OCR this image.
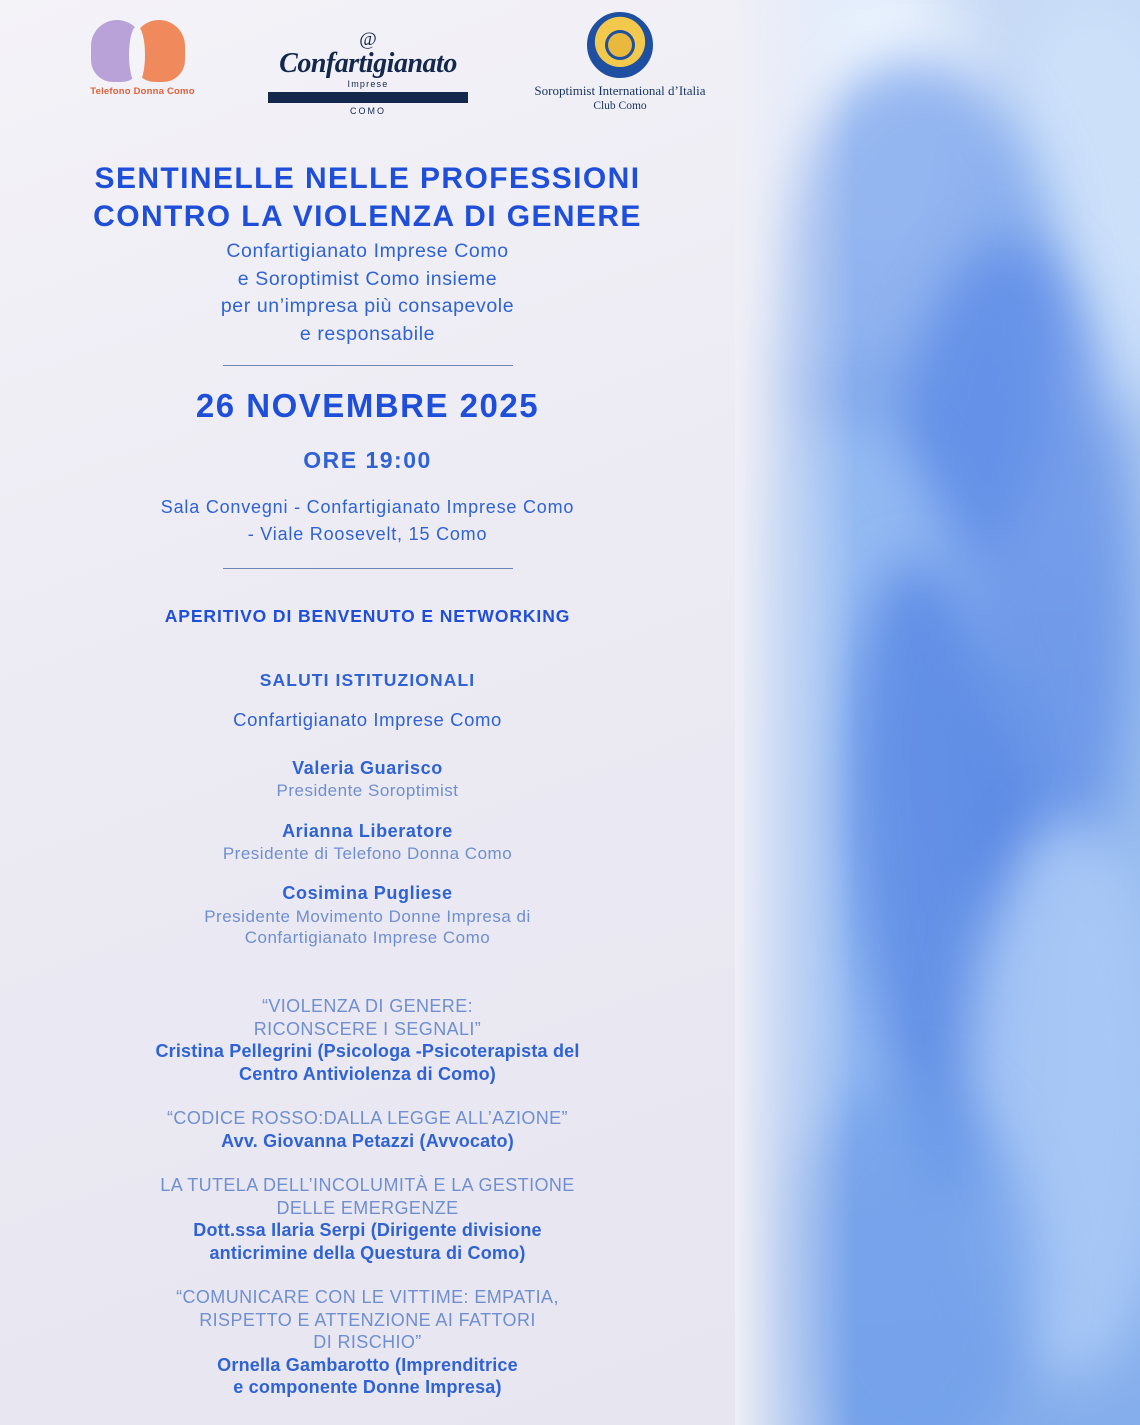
Telefono Donna Como
@
Confartigianato
Imprese
COMO
Soroptimist International d’Italia
Club Como
SENTINELLE NELLE PROFESSIONI
CONTRO LA VIOLENZA DI GENERE
Confartigianato Imprese Como
e Soroptimist Como insieme
per un’impresa più consapevole
e responsabile
26 NOVEMBRE 2025
ORE 19:00
Sala Convegni - Confartigianato Imprese Como
- Viale Roosevelt, 15 Como
APERITIVO DI BENVENUTO E NETWORKING
SALUTI ISTITUZIONALI
Confartigianato Imprese Como
Valeria Guarisco
Presidente Soroptimist
Arianna Liberatore
Presidente di Telefono Donna Como
Cosimina Pugliese
Presidente Movimento Donne Impresa di
Confartigianato Imprese Como
“VIOLENZA DI GENERE:
RICONSCERE I SEGNALI”
Cristina Pellegrini (Psicologa -Psicoterapista del
Centro Antiviolenza di Como)
“CODICE ROSSO:DALLA LEGGE ALL’AZIONE”
Avv. Giovanna Petazzi (Avvocato)
LA TUTELA DELL’INCOLUMITÀ E LA GESTIONE
DELLE EMERGENZE
Dott.ssa Ilaria Serpi (Dirigente divisione
anticrimine della Questura di Como)
“COMUNICARE CON LE VITTIME: EMPATIA,
RISPETTO E ATTENZIONE AI FATTORI
DI RISCHIO”
Ornella Gambarotto (Imprenditrice
e componente Donne Impresa)
